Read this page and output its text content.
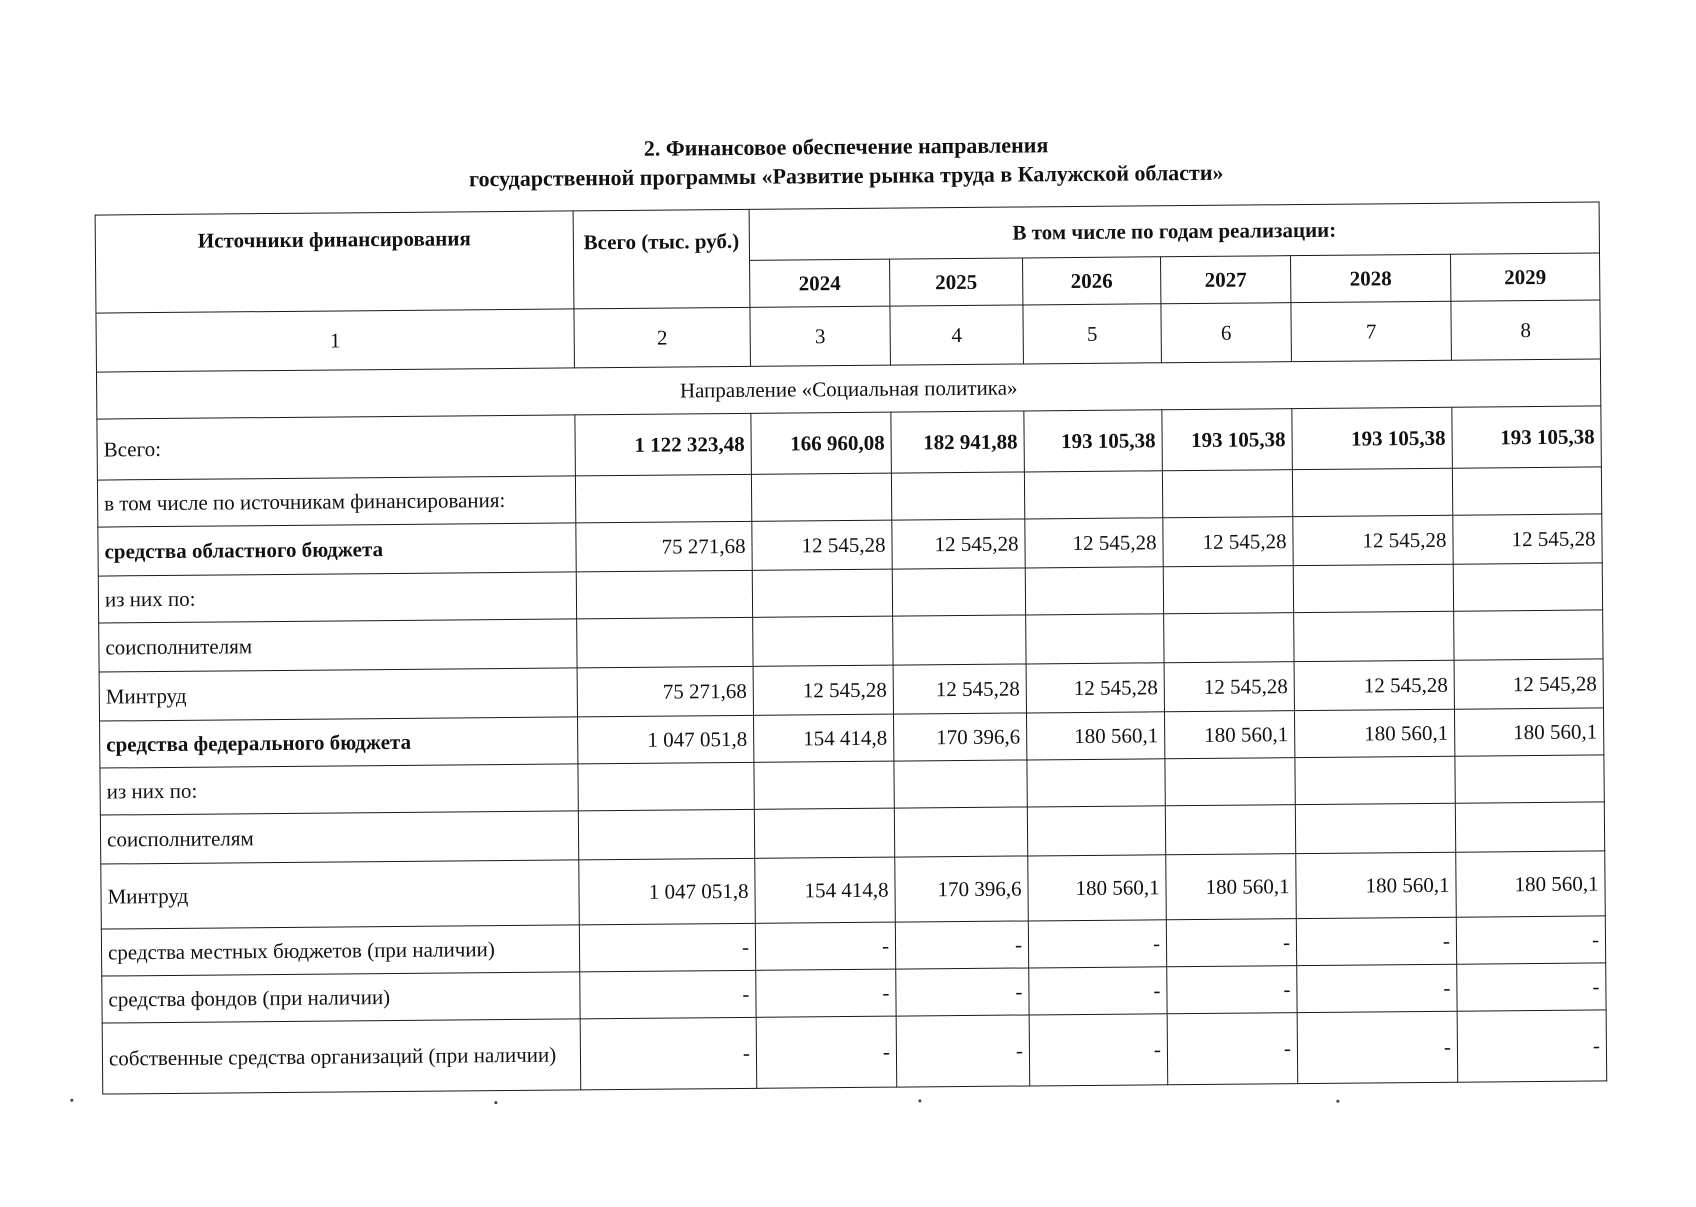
2. Финансовое обеспечение направления
государственной программы «Развитие рынка труда в Калужской области»
Источники финансирования	Всего (тыс. руб.)	В том числе по годам реализации:					
		2024	2025	2026	2027	2028	2029
1	2	3	4	5	6	7	8
Направление «Социальная политика»							
Всего:	1 122 323,48	166 960,08	182 941,88	193 105,38	193 105,38	193 105,38	193 105,38
в том числе по источникам финансирования:							
средства областного бюджета	75 271,68	12 545,28	12 545,28	12 545,28	12 545,28	12 545,28	12 545,28
из них по:							
соисполнителям							
Минтруд	75 271,68	12 545,28	12 545,28	12 545,28	12 545,28	12 545,28	12 545,28
средства федерального бюджета	1 047 051,8	154 414,8	170 396,6	180 560,1	180 560,1	180 560,1	180 560,1
из них по:							
соисполнителям							
Минтруд	1 047 051,8	154 414,8	170 396,6	180 560,1	180 560,1	180 560,1	180 560,1
средства местных бюджетов (при наличии)	-	-	-	-	-	-	-
средства фондов (при наличии)	-	-	-	-	-	-	-
собственные средства организаций (при наличии)	-	-	-	-	-	-	-
